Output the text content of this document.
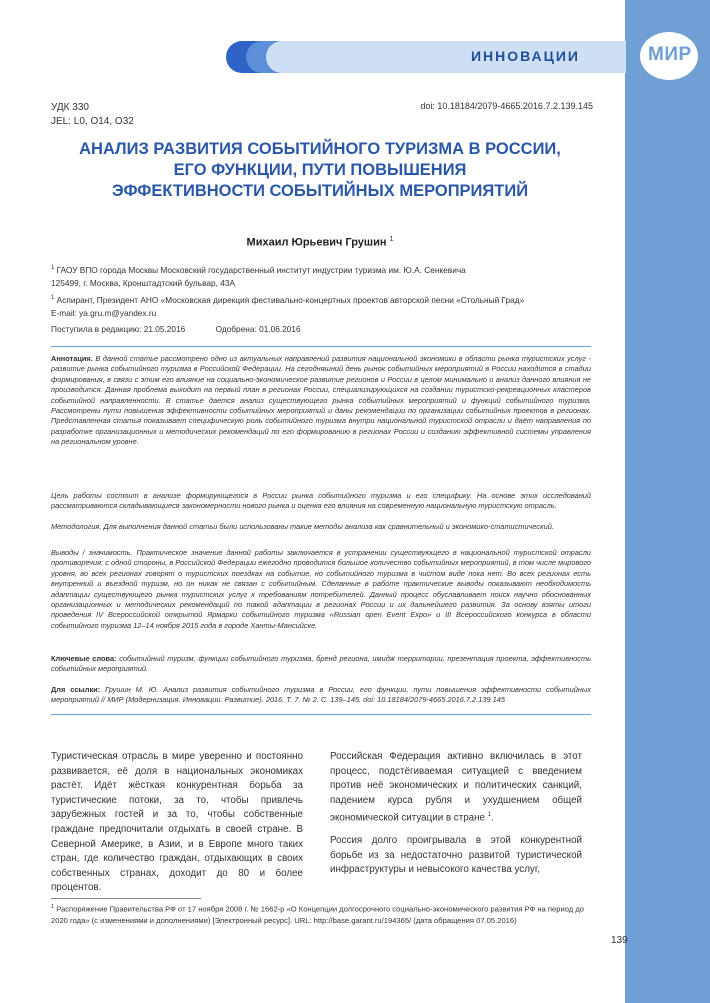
МИР
ИННОВАЦИИ
УДК 330
JEL: L0, O14, O32
doi: 10.18184/2079-4665.2016.7.2.139.145
АНАЛИЗ РАЗВИТИЯ СОБЫТИЙНОГО ТУРИЗМА В РОССИИ,
ЕГО ФУНКЦИИ, ПУТИ ПОВЫШЕНИЯ
ЭФФЕКТИВНОСТИ СОБЫТИЙНЫХ МЕРОПРИЯТИЙ
Михаил Юрьевич Грушин $^1$
$^1$ ГАОУ ВПО города Москвы Московский государственный институт индустрии туризма им. Ю.А. Сенкевича
125499, г. Москва, Кронштадтский бульвар, 43А
$^1$ Аспирант, Президент АНО «Московская дирекция фестивально-концертных проектов авторской песни «Стольный Град»
E-mail: ya.gru.m@yandex.ru
Поступила в редакцию: 21.05.2016	Одобрена: 01.06.2016
Аннотация. В данной статье рассмотрено одно из актуальных направлений развития национальной экономики в области рынка туристских услуг - развитие рынка событийного туризма в Российской Федерации. На сегодняшний день рынок событийных мероприятий в России находится в стадии формирования, в связи с этим его влияние на социально-экономическое развитие регионов и России в целом минимально и анализ данного влияния не производится. Данная проблема выходит на первый план в регионах России, специализирующихся на создании туристско-рекреационных кластеров событийной направленности. В статье дается анализ существующего рынка событийных мероприятий и функций событийного туризма. Рассмотрены пути повышения эффективности событийных мероприятий и даны рекомендации по организации событийных проектов в регионах. Представленная статья показывает специфическую роль событийного туризма внутри национальной туристской отрасли и даёт направления по разработке организационных и методических рекомендаций по его формированию в регионах России и созданию эффективной системы управления на региональном уровне.
Цель работы состоит в анализе формирующегося в России рынка событийного туризма и его специфику. На основе этих исследований рассматриваются складывающиеся закономерности нового рынка и оценка его влияния на современную национальную туристскую отрасль.
Методология. Для выполнения данной статьи были использованы такие методы анализа как сравнительный и экономико-статистический.
Выводы / значимость. Практическое значение данной работы заключается в устранении существующего в национальной туристской отрасли противоречия: с одной стороны, в Российской Федерации ежегодно проводится большое количество событийных мероприятий, в том числе мирового уровня, во всех регионах говорят о туристских поездках на событие, но событийного туризма в чистом виде пока нет. Во всех регионах есть внутренний и въездной туризм, но он никак не связан с событийным. Сделанные в работе практические выводы показывают необходимость адаптации существующего рынка туристских услуг к требованиям потребителей. Данный процесс обуславливает поиск научно обоснованных организационных и методических рекомендаций по такой адаптации в регионах России и их дальнейшего развития. За основу взяты итоги проведения IV Всероссийской открытой Ярмарки событийного туризма «Russian open Event Expo» и III Всероссийского конкурса в области событийного туризма 12–14 ноября 2015 года в городе Ханты-Мансийске.
Ключевые слова: событийный туризм, функции событийного туризма, бренд региона, имидж территории, презентация проекта, эффективность событийных мероприятий.
Для ссылки: Грушин М. Ю. Анализ развития событийного туризма в России, его функции, пути повышения эффективности событийных мероприятий // МИР (Модернизация. Инновации. Развитие). 2016. Т. 7. № 2. С. 139–145. doi: 10.18184/2079-4665.2016.7.2.139.145

Туристическая отрасль в мире уверенно и постоянно развивается, её доля в национальных экономиках растёт. Идёт жёсткая конкурентная борьба за туристические потоки, за то, чтобы привлечь зарубежных гостей и за то, чтобы собственные граждане предпочитали отдыхать в своей стране. В Северной Америке, в Азии, и в Европе много таких стран, где количество граждан, отдыхающих в своих собственных странах, доходит до 80 и более процентов.

Российская Федерация активно включилась в этот процесс, подстёгиваемая ситуацией с введением против неё экономических и политических санкций, падением курса рубля и ухудшением общей экономической ситуации в стране $^1$.

Россия долго проигрывала в этой конкурентной борьбе из за недостаточно развитой туристической инфраструктуры и невысокого качества услуг,

$^1$ Распоряжение Правительства РФ от 17 ноября 2008 г. № 1662-р «О Концепции долгосрочного социально-экономического развития РФ на период до 2020 года» (с изменениями и дополнениями) [Электронный ресурс]. URL: http://base.garant.ru/194365/ (дата обращения 07.05.2016)
139
